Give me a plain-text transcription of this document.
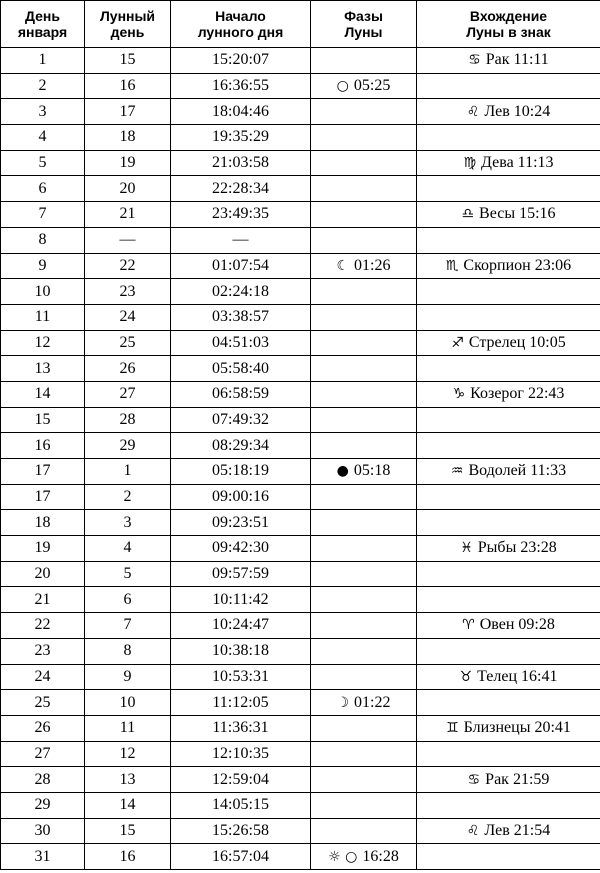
День
января	Лунный
день	Начало
лунного дня	Фазы
Луны	Вхождение
Луны в знак

1	15	15:20:07		♋ Рак 11:11
2	16	16:36:55	○ 05:25	
3	17	18:04:46		♌ Лев 10:24
4	18	19:35:29		
5	19	21:03:58		♍ Дева 11:13
6	20	22:28:34		
7	21	23:49:35		♎ Весы 15:16
8	—	—		
9	22	01:07:54	☾ 01:26	♏ Скорпион 23:06
10	23	02:24:18		
11	24	03:38:57		
12	25	04:51:03		♐ Стрелец 10:05
13	26	05:58:40		
14	27	06:58:59		♑ Козерог 22:43
15	28	07:49:32		
16	29	08:29:34		
17	1	05:18:19	● 05:18	♒ Водолей 11:33
17	2	09:00:16		
18	3	09:23:51		
19	4	09:42:30		♓ Рыбы 23:28
20	5	09:57:59		
21	6	10:11:42		
22	7	10:24:47		♈ Овен 09:28
23	8	10:38:18		
24	9	10:53:31		♉ Телец 16:41
25	10	11:12:05	☽ 01:22	
26	11	11:36:31		♊ Близнецы 20:41
27	12	12:10:35		
28	13	12:59:04		♋ Рак 21:59
29	14	14:05:15		
30	15	15:26:58		♌ Лев 21:54
31	16	16:57:04	☼ ○ 16:28	
